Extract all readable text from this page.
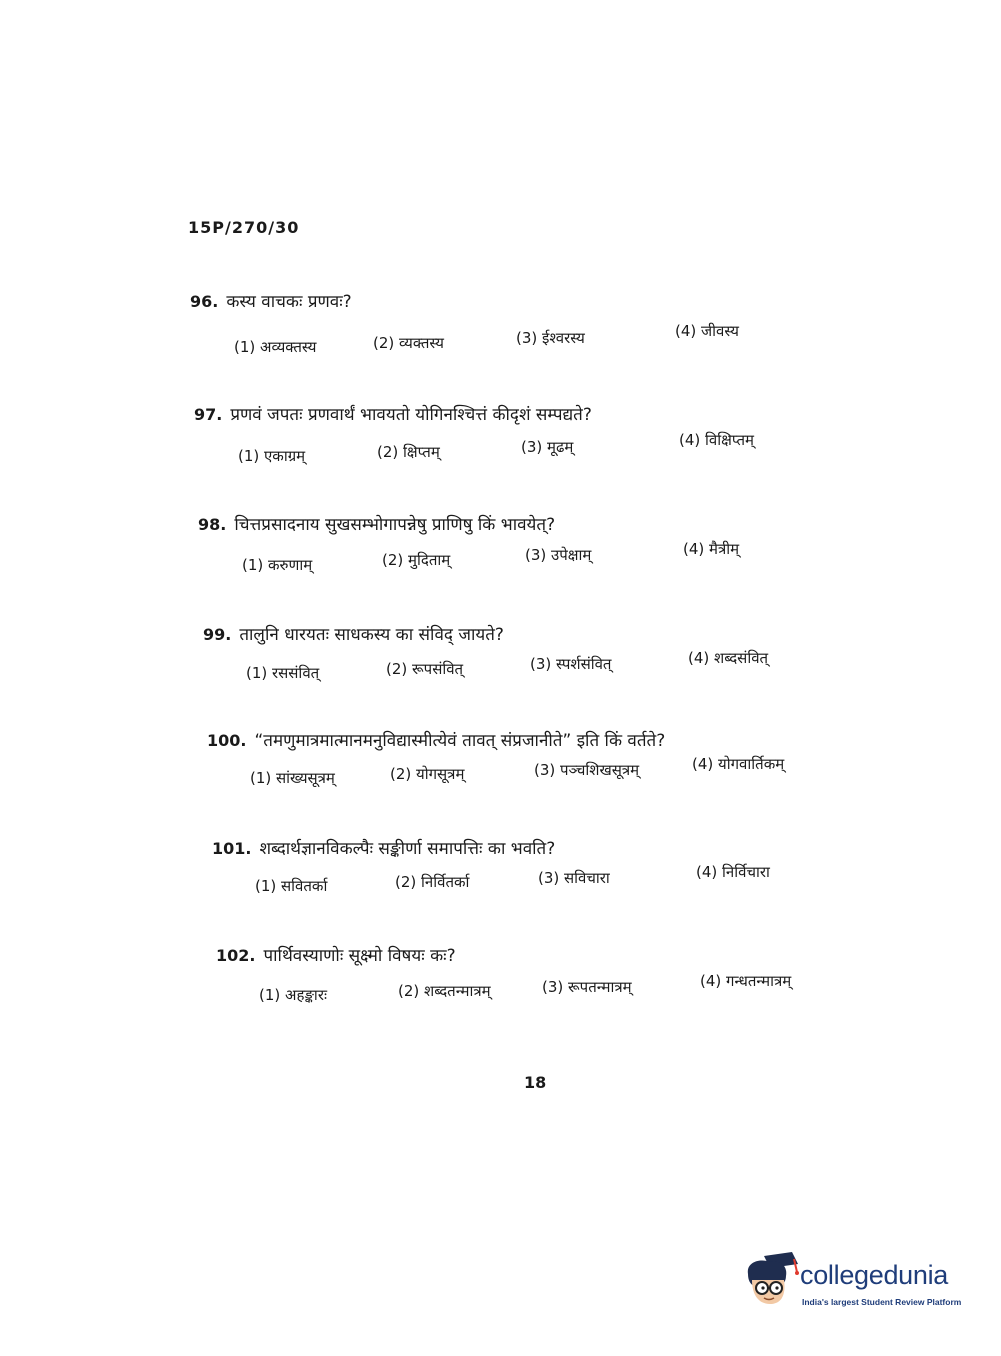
15P/270/30
96. कस्य वाचकः प्रणवः?
(1) अव्यक्तस्य	(2) व्यक्तस्य	(3) ईश्वरस्य	(4) जीवस्य
97. प्रणवं जपतः प्रणवार्थं भावयतो योगिनश्चित्तं कीदृशं सम्पद्यते?
(1) एकाग्रम्	(2) क्षिप्तम्	(3) मूढम्	(4) विक्षिप्तम्
98. चित्तप्रसादनाय सुखसम्भोगापन्नेषु प्राणिषु किं भावयेत्?
(1) करुणाम्	(2) मुदिताम्	(3) उपेक्षाम्	(4) मैत्रीम्
99. तालुनि धारयतः साधकस्य का संविद् जायते?
(1) रससंवित्	(2) रूपसंवित्	(3) स्पर्शसंवित्	(4) शब्दसंवित्
100. “तमणुमात्रमात्मानमनुविद्यास्मीत्येवं तावत् संप्रजानीते” इति किं वर्तते?
(1) सांख्यसूत्रम्	(2) योगसूत्रम्	(3) पञ्चशिखसूत्रम्	(4) योगवार्तिकम्
101. शब्दार्थज्ञानविकल्पैः सङ्कीर्णा समापत्तिः का भवति?
(1) सवितर्का	(2) निर्वितर्का	(3) सविचारा	(4) निर्विचारा
102. पार्थिवस्याणोः सूक्ष्मो विषयः कः?
(1) अहङ्कारः	(2) शब्दतन्मात्रम्	(3) रूपतन्मात्रम्	(4) गन्धतन्मात्रम्
18
collegedunia
India's largest Student Review Platform
